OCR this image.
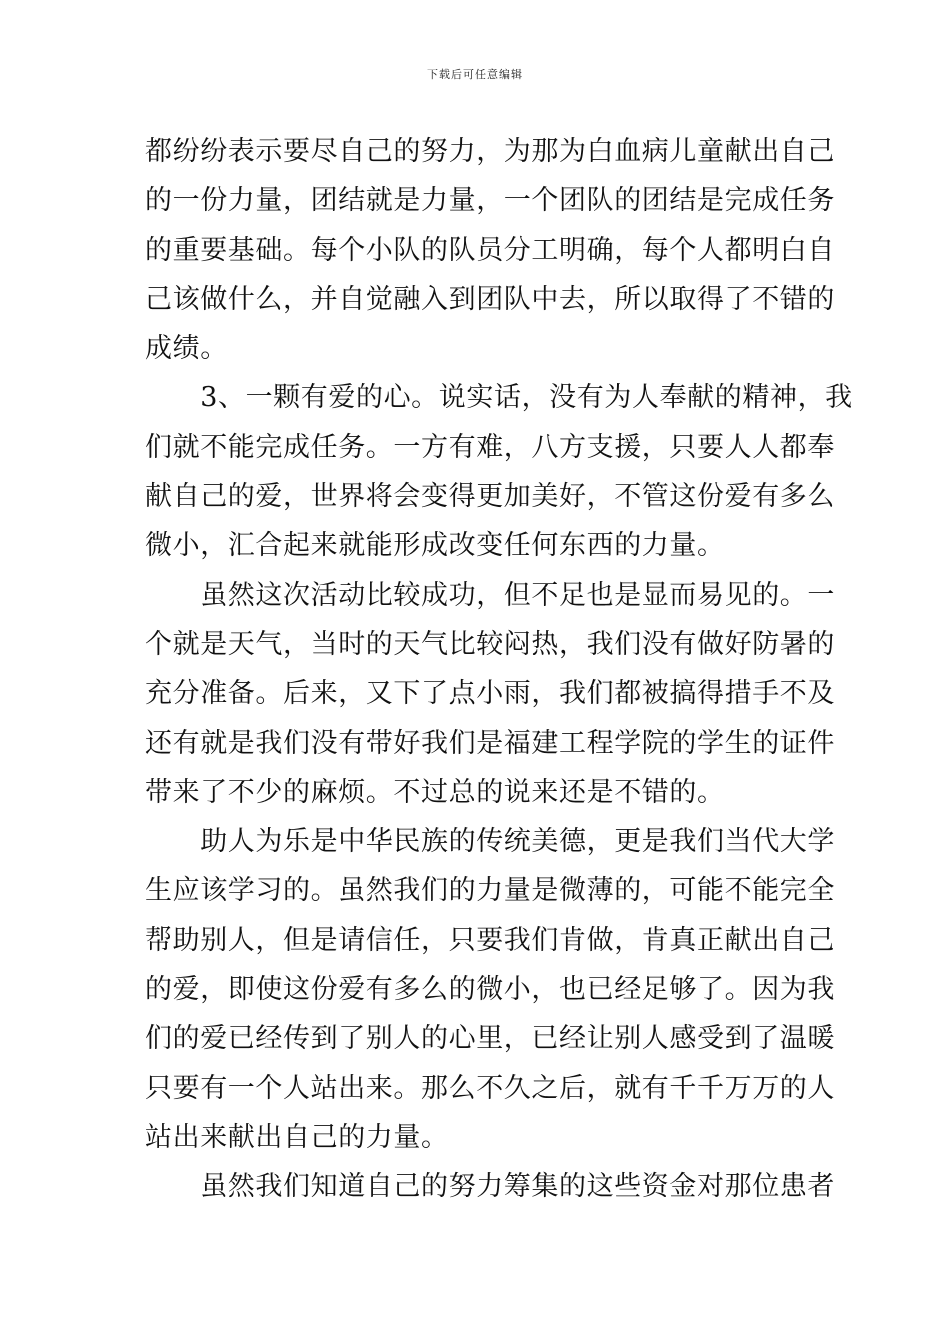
下载后可任意编辑
都纷纷表示要尽自己的努力，为那为白血病儿童献出自己
的一份力量，团结就是力量，一个团队的团结是完成任务
的重要基础。每个小队的队员分工明确，每个人都明白自
己该做什么，并自觉融入到团队中去，所以取得了不错的
成绩。
　　3、一颗有爱的心。说实话，没有为人奉献的精神，我
们就不能完成任务。一方有难，八方支援，只要人人都奉
献自己的爱，世界将会变得更加美好，不管这份爱有多么
微小，汇合起来就能形成改变任何东西的力量。
　　虽然这次活动比较成功，但不足也是显而易见的。一
个就是天气，当时的天气比较闷热，我们没有做好防暑的
充分准备。后来，又下了点小雨，我们都被搞得措手不及
还有就是我们没有带好我们是福建工程学院的学生的证件
带来了不少的麻烦。不过总的说来还是不错的。
　　助人为乐是中华民族的传统美德，更是我们当代大学
生应该学习的。虽然我们的力量是微薄的，可能不能完全
帮助别人，但是请信任，只要我们肯做，肯真正献出自己
的爱，即使这份爱有多么的微小，也已经足够了。因为我
们的爱已经传到了别人的心里，已经让别人感受到了温暖
只要有一个人站出来。那么不久之后，就有千千万万的人
站出来献出自己的力量。
　　虽然我们知道自己的努力筹集的这些资金对那位患者
